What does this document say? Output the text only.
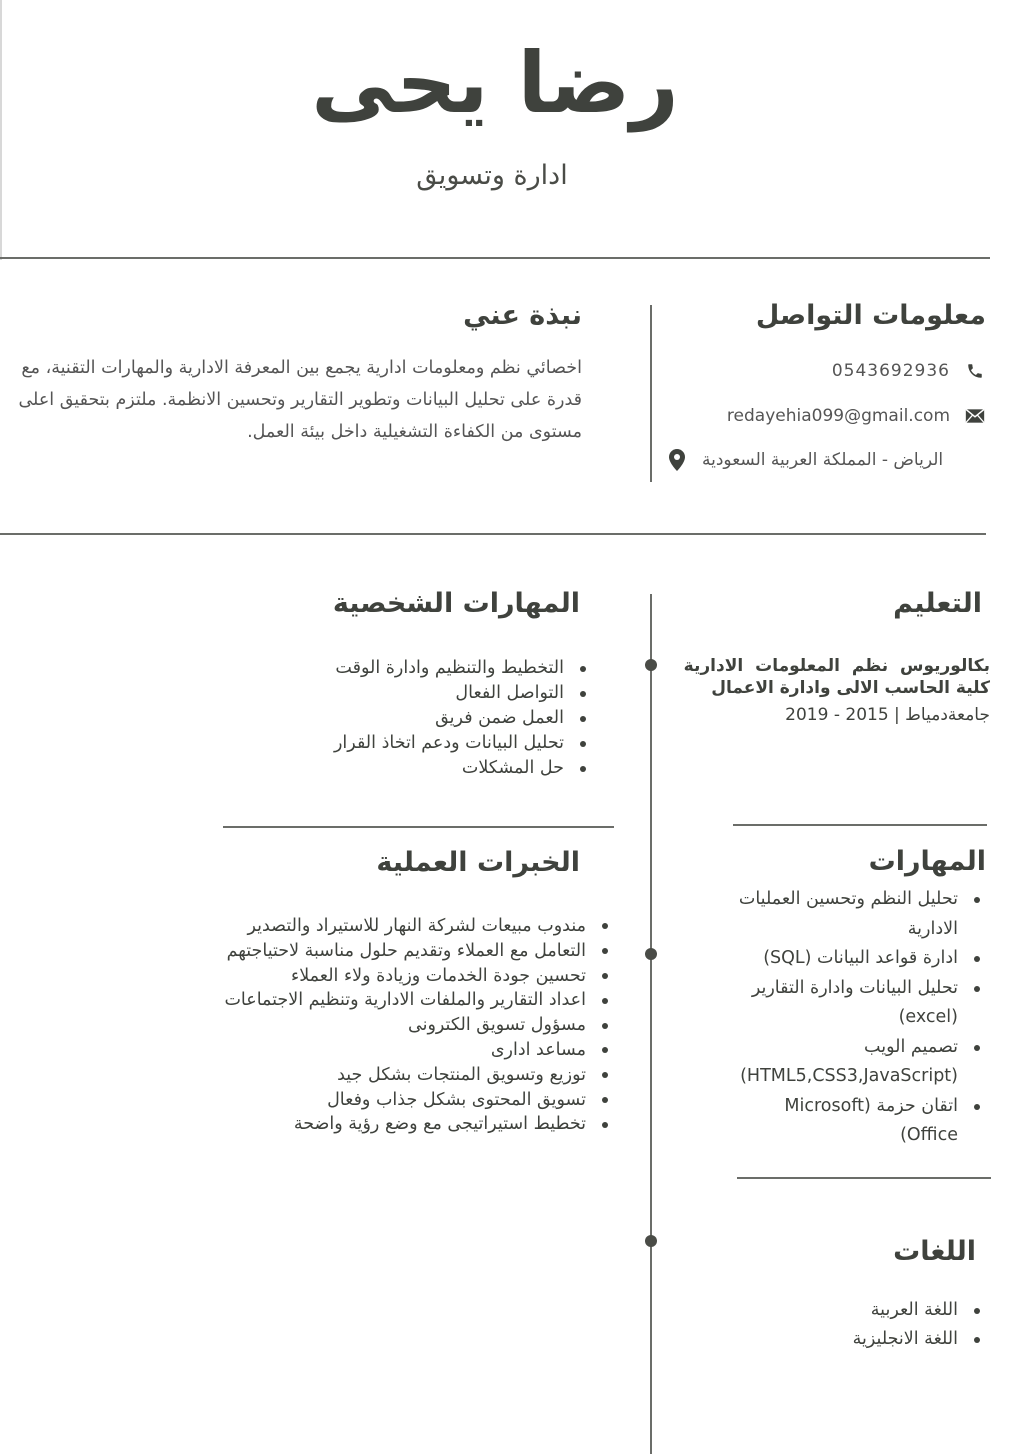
رضا يحى
ادارة وتسويق
معلومات التواصل
0543692936
redayehia099@gmail.com
الرياض - المملكة العربية السعودية
نبذة عني
اخصائي نظم ومعلومات ادارية يجمع بين المعرفة الادارية والمهارات التقنية، مع
قدرة على تحليل البيانات وتطوير التقارير وتحسين الانظمة. ملتزم بتحقيق اعلى
مستوى من الكفاءة التشغيلية داخل بيئة العمل.
التعليم
بكالوريوس نظم المعلومات الادارية
كلية الحاسب الالى وادارة الاعمال
جامعةدمياط | 2015 - 2019
المهارات
تحليل النظم وتحسين العمليات الادارية
ادارة قواعد البيانات (SQL)
تحليل البيانات وادارة التقارير (excel)
تصميم الويب (HTML5,CSS3,JavaScript)
اتقان حزمة (Microsoft Office)
اللغات
اللغة العربية
اللغة الانجليزية
المهارات الشخصية
التخطيط والتنظيم وادارة الوقت
التواصل الفعال
العمل ضمن فريق
تحليل البيانات ودعم اتخاذ القرار
حل المشكلات
الخبرات العملية
مندوب مبيعات لشركة النهار للاستيراد والتصدير
التعامل مع العملاء وتقديم حلول مناسبة لاحتياجتهم
تحسين جودة الخدمات وزيادة ولاء العملاء
اعداد التقارير والملفات الادارية وتنظيم الاجتماعات
مسؤول تسويق الكترونى
مساعد ادارى
توزيع وتسويق المنتجات بشكل جيد
تسويق المحتوى بشكل جذاب وفعال
تخطيط استيراتيجى مع وضع رؤية واضحة
